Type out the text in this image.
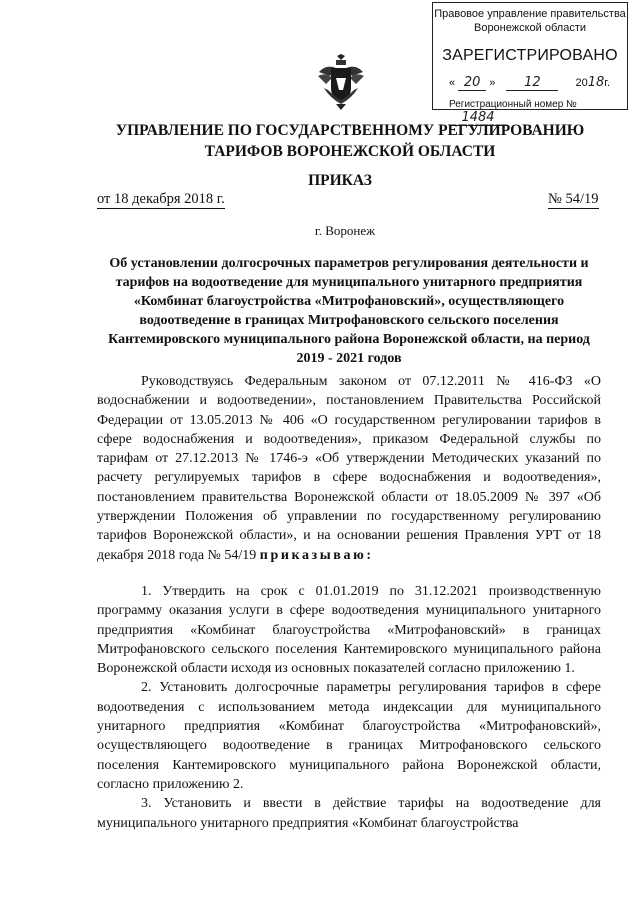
Правовое управление правительства
Воронежской области
ЗАРЕГИСТРИРОВАНО
« 20 » 12	2018г.
Регистрационный номер № 1484
УПРАВЛЕНИЕ ПО ГОСУДАРСТВЕННОМУ РЕГУЛИРОВАНИЮ
ТАРИФОВ ВОРОНЕЖСКОЙ ОБЛАСТИ
ПРИКАЗ
от 18 декабря 2018 г.	№ 54/19
г. Воронеж
Об установлении долгосрочных параметров регулирования деятельности и тарифов на водоотведение для муниципального унитарного предприятия «Комбинат благоустройства «Митрофановский», осуществляющего водоотведение в границах Митрофановского сельского поселения Кантемировского муниципального района Воронежской области, на период 2019 - 2021 годов

Руководствуясь Федеральным законом от 07.12.2011 № 416-ФЗ «О водоснабжении и водоотведении», постановлением Правительства Российской Федерации от 13.05.2013 № 406 «О государственном регулировании тарифов в сфере водоснабжения и водоотведения», приказом Федеральной службы по тарифам от 27.12.2013 № 1746-э «Об утверждении Методических указаний по расчету регулируемых тарифов в сфере водоснабжения и водоотведения», постановлением правительства Воронежской области от 18.05.2009 № 397 «Об утверждении Положения об управлении по государственному регулированию тарифов Воронежской области», и на основании решения Правления УРТ от 18 декабря 2018 года № 54/19 приказываю:

1. Утвердить на срок с 01.01.2019 по 31.12.2021 производственную программу оказания услуги в сфере водоотведения муниципального унитарного предприятия «Комбинат благоустройства «Митрофановский» в границах Митрофановского сельского поселения Кантемировского муниципального района Воронежской области исходя из основных показателей согласно приложению 1.

2. Установить долгосрочные параметры регулирования тарифов в сфере водоотведения с использованием метода индексации для муниципального унитарного предприятия «Комбинат благоустройства «Митрофановский», осуществляющего водоотведение в границах Митрофановского сельского поселения Кантемировского муниципального района Воронежской области, согласно приложению 2.

3. Установить и ввести в действие тарифы на водоотведение для муниципального унитарного предприятия «Комбинат благоустройства
